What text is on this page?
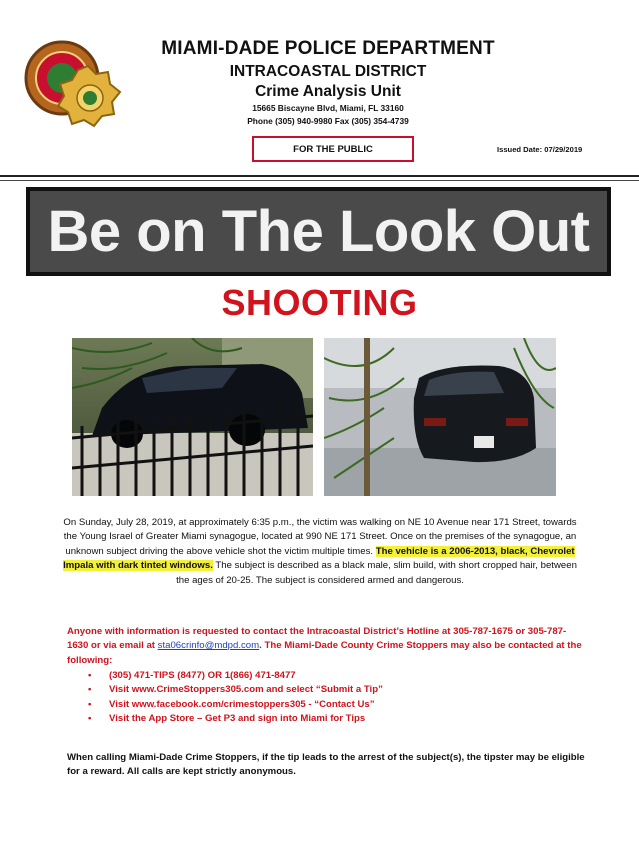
MIAMI-DADE POLICE DEPARTMENT
INTRACOASTAL DISTRICT
Crime Analysis Unit
15665 Biscayne Blvd, Miami, FL 33160
Phone (305) 940-9980 Fax (305) 354-4739
FOR THE PUBLIC	Issued Date: 07/29/2019
Be on The Look Out
SHOOTING
On Sunday, July 28, 2019, at approximately 6:35 p.m., the victim was walking on NE 10 Avenue near 171 Street, towards the Young Israel of Greater Miami synagogue, located at 990 NE 171 Street. Once on the premises of the synagogue, an unknown subject driving the above vehicle shot the victim multiple times. The vehicle is a 2006-2013, black, Chevrolet Impala with dark tinted windows. The subject is described as a black male, slim build, with short cropped hair, between the ages of 20-25. The subject is considered armed and dangerous.
Anyone with information is requested to contact the Intracoastal District’s Hotline at 305-787-1675 or 305-787-1630 or via email at sta06crinfo@mdpd.com. The Miami-Dade County Crime Stoppers may also be contacted at the following:
• (305) 471-TIPS (8477) OR 1(866) 471-8477
• Visit www.CrimeStoppers305.com and select “Submit a Tip”
• Visit www.facebook.com/crimestoppers305 - “Contact Us”
• Visit the App Store – Get P3 and sign into Miami for Tips
When calling Miami-Dade Crime Stoppers, if the tip leads to the arrest of the subject(s), the tipster may be eligible for a reward. All calls are kept strictly anonymous.
